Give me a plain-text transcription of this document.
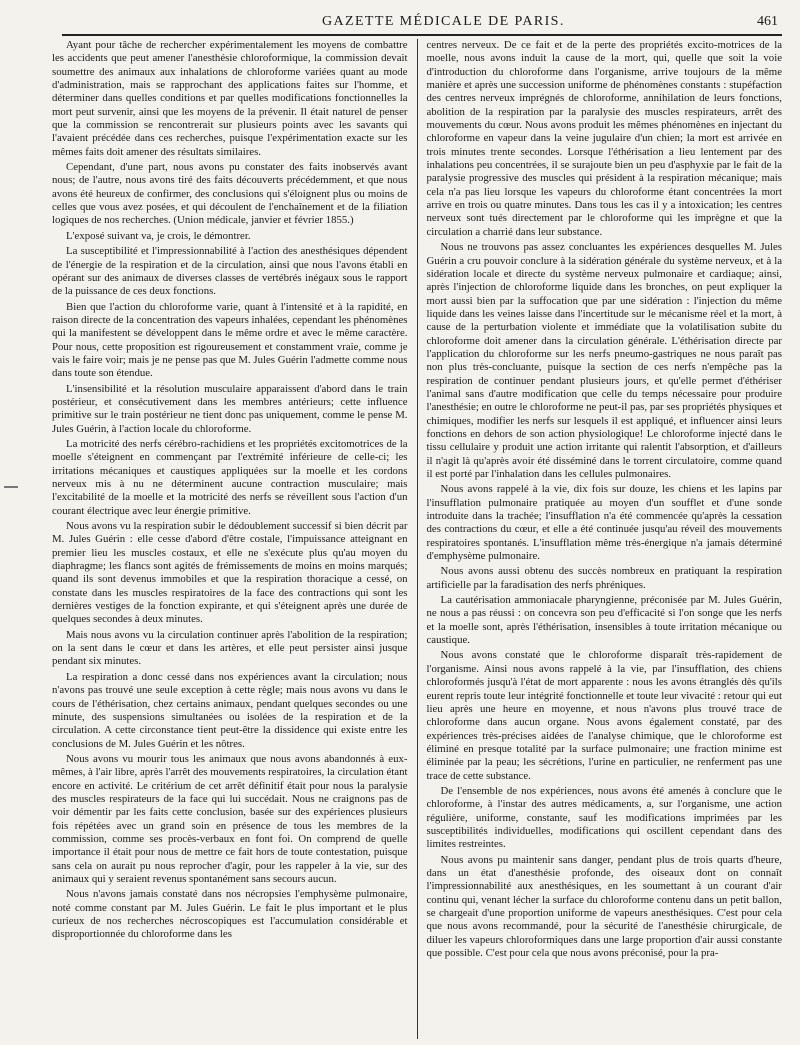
GAZETTE MÉDICALE DE PARIS.	461

Ayant pour tâche de rechercher expérimentalement les moyens de combattre les accidents que peut amener l'anesthésie chloroformique, la commission devait soumettre des animaux aux inhalations de chloroforme variées quant au mode d'administration, mais se rapprochant des applications faites sur l'homme, et déterminer dans quelles conditions et par quelles modifications fonctionnelles la mort peut survenir, ainsi que les moyens de la prévenir. Il était naturel de penser que la commission se rencontrerait sur plusieurs points avec les savants qui l'avaient précédée dans ces recherches, puisque l'expérimentation exacte sur les mêmes faits doit amener des résultats similaires.

Cependant, d'une part, nous avons pu constater des faits inobservés avant nous; de l'autre, nous avons tiré des faits découverts précédemment, et que nous avons été heureux de confirmer, des conclusions qui s'éloignent plus ou moins de celles que vous avez posées, et qui découlent de l'enchaînement et de la filiation logiques de nos recherches. (Union médicale, janvier et février 1855.)

L'exposé suivant va, je crois, le démontrer.

La susceptibilité et l'impressionnabilité à l'action des anesthésiques dépendent de l'énergie de la respiration et de la circulation, ainsi que nous l'avons établi en opérant sur des animaux de diverses classes de vertébrés inégaux sous le rapport de la puissance de ces deux fonctions.

Bien que l'action du chloroforme varie, quant à l'intensité et à la rapidité, en raison directe de la concentration des vapeurs inhalées, cependant les phénomènes qui la manifestent se développent dans le même ordre et avec le même caractère. Pour nous, cette proposition est rigoureusement et constamment vraie, comme je vais le faire voir; mais je ne pense pas que M. Jules Guérin l'admette comme nous dans toute son étendue.

L'insensibilité et la résolution musculaire apparaissent d'abord dans le train postérieur, et consécutivement dans les membres antérieurs; cette influence primitive sur le train postérieur ne tient donc pas uniquement, comme le pense M. Jules Guérin, à l'action locale du chloroforme.

La motricité des nerfs cérébro-rachidiens et les propriétés excitomotrices de la moelle s'éteignent en commençant par l'extrémité inférieure de celle-ci; les irritations mécaniques et caustiques appliquées sur la moelle et les cordons nerveux mis à nu ne déterminent aucune contraction musculaire; mais l'excitabilité de la moelle et la motricité des nerfs se réveillent sous l'action d'un courant électrique avec leur énergie primitive.

Nous avons vu la respiration subir le dédoublement successif si bien décrit par M. Jules Guérin : elle cesse d'abord d'être costale, l'impuissance atteignant en premier lieu les muscles costaux, et elle ne s'exécute plus qu'au moyen du diaphragme; les flancs sont agités de frémissements de moins en moins marqués; quand ils sont devenus immobiles et que la respiration thoracique a cessé, on constate dans les muscles respiratoires de la face des contractions qui sont les dernières vestiges de la fonction expirante, et qui s'éteignent après une durée de quelques secondes à deux minutes.

Mais nous avons vu la circulation continuer après l'abolition de la respiration; on la sent dans le cœur et dans les artères, et elle peut persister ainsi jusque pendant six minutes.

La respiration a donc cessé dans nos expériences avant la circulation; nous n'avons pas trouvé une seule exception à cette règle; mais nous avons vu dans le cours de l'éthérisation, chez certains animaux, pendant quelques secondes ou une minute, des suspensions simultanées ou isolées de la respiration et de la circulation. A cette circonstance tient peut-être la dissidence qui existe entre les conclusions de M. Jules Guérin et les nôtres.

Nous avons vu mourir tous les animaux que nous avons abandonnés à eux-mêmes, à l'air libre, après l'arrêt des mouvements respiratoires, la circulation étant encore en activité. Le critérium de cet arrêt définitif était pour nous la paralysie des muscles respirateurs de la face qui lui succédait. Nous ne craignons pas de voir démentir par les faits cette conclusion, basée sur des expériences plusieurs fois répétées avec un grand soin en présence de tous les membres de la commission, comme ses procès-verbaux en font foi. On comprend de quelle importance il était pour nous de mettre ce fait hors de toute contestation, puisque sans cela on aurait pu nous reprocher d'agir, pour les rappeler à la vie, sur des animaux qui y seraient revenus spontanément sans secours aucun.

Nous n'avons jamais constaté dans nos nécropsies l'emphysème pulmonaire, noté comme constant par M. Jules Guérin. Le fait le plus important et le plus curieux de nos recherches nécroscopiques est l'accumulation considérable et disproportionnée du chloroforme dans les

centres nerveux. De ce fait et de la perte des propriétés excito-motrices de la moelle, nous avons induit la cause de la mort, qui, quelle que soit la voie d'introduction du chloroforme dans l'organisme, arrive toujours de la même manière et après une succession uniforme de phénomènes constants : stupéfaction des centres nerveux imprégnés de chloroforme, annihilation de leurs fonctions, abolition de la respiration par la paralysie des muscles respirateurs, arrêt des mouvements du cœur. Nous avons produit les mêmes phénomènes en injectant du chloroforme en vapeur dans la veine jugulaire d'un chien; la mort est arrivée en trois minutes trente secondes. Lorsque l'éthérisation a lieu lentement par des inhalations peu concentrées, il se surajoute bien un peu d'asphyxie par le fait de la paralysie progressive des muscles qui président à la respiration mécanique; mais cela n'a pas lieu lorsque les vapeurs du chloroforme étant concentrées la mort arrive en trois ou quatre minutes. Dans tous les cas il y a intoxication; les centres nerveux sont tués directement par le chloroforme qui les imprègne et que la circulation a charrié dans leur substance.

Nous ne trouvons pas assez concluantes les expériences desquelles M. Jules Guérin a cru pouvoir conclure à la sidération générale du système nerveux, et à la sidération locale et directe du système nerveux pulmonaire et cardiaque; ainsi, après l'injection de chloroforme liquide dans les bronches, on peut expliquer la mort aussi bien par la suffocation que par une sidération : l'injection du même liquide dans les veines laisse dans l'incertitude sur le mécanisme réel et la mort, à cause de la perturbation violente et immédiate que la volatilisation subite du chloroforme doit amener dans la circulation générale. L'éthérisation directe par l'application du chloroforme sur les nerfs pneumo-gastriques ne nous paraît pas non plus très-concluante, puisque la section de ces nerfs n'empêche pas la respiration de continuer pendant plusieurs jours, et qu'elle permet d'éthériser l'animal sans d'autre modification que celle du temps nécessaire pour produire l'anesthésie; en outre le chloroforme ne peut-il pas, par ses propriétés physiques et chimiques, modifier les nerfs sur lesquels il est appliqué, et influencer ainsi leurs fonctions en dehors de son action physiologique! Le chloroforme injecté dans le tissu cellulaire y produit une action irritante qui ralentit l'absorption, et d'ailleurs il n'agit là qu'après avoir été disséminé dans le torrent circulatoire, comme quand il est porté par l'inhalation dans les cellules pulmonaires.

Nous avons rappelé à la vie, dix fois sur douze, les chiens et les lapins par l'insufflation pulmonaire pratiquée au moyen d'un soufflet et d'une sonde introduite dans la trachée; l'insufflation n'a été commencée qu'après la cessation des contractions du cœur, et elle a été continuée jusqu'au réveil des mouvements respiratoires spontanés. L'insufflation même très-énergique n'a jamais déterminé d'emphysème pulmonaire.

Nous avons aussi obtenu des succès nombreux en pratiquant la respiration artificielle par la faradisation des nerfs phréniques.

La cautérisation ammoniacale pharyngienne, préconisée par M. Jules Guérin, ne nous a pas réussi : on concevra son peu d'efficacité si l'on songe que les nerfs et la moelle sont, après l'éthérisation, insensibles à toute irritation mécanique ou caustique.

Nous avons constaté que le chloroforme disparaît très-rapidement de l'organisme. Ainsi nous avons rappelé à la vie, par l'insufflation, des chiens chloroformés jusqu'à l'état de mort apparente : nous les avons étranglés dès qu'ils eurent repris toute leur intégrité fonctionnelle et toute leur vivacité : retour qui eut lieu après une heure en moyenne, et nous n'avons plus trouvé trace de chloroforme dans aucun organe. Nous avons également constaté, par des expériences très-précises aidées de l'analyse chimique, que le chloroforme est éliminé en presque totalité par la surface pulmonaire; une fraction minime est éliminée par la peau; les sécrétions, l'urine en particulier, ne renferment pas une trace de cette substance.

De l'ensemble de nos expériences, nous avons été amenés à conclure que le chloroforme, à l'instar des autres médicaments, a, sur l'organisme, une action régulière, uniforme, constante, sauf les modifications imprimées par les susceptibilités individuelles, modifications qui oscillent cependant dans des limites restreintes.

Nous avons pu maintenir sans danger, pendant plus de trois quarts d'heure, dans un état d'anesthésie profonde, des oiseaux dont on connaît l'impressionnabilité aux anesthésiques, en les soumettant à un courant d'air continu qui, venant lécher la surface du chloroforme contenu dans un petit ballon, se chargeait d'une proportion uniforme de vapeurs anesthésiques. C'est pour cela que nous avons recommandé, pour la sécurité de l'anesthésie chirurgicale, de diluer les vapeurs chloroformiques dans une large proportion d'air aussi constante que possible. C'est pour cela que nous avons préconisé, pour la pra-
